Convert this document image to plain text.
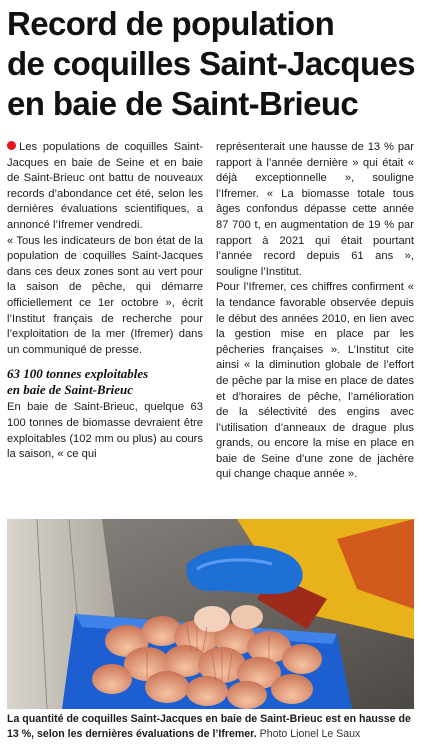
Record de population
de coquilles Saint-Jacques
en baie de Saint-Brieuc

Les populations de coquilles Saint-Jacques en baie de Seine et en baie de Saint-Brieuc ont battu de nouveaux records d’abondance cet été, selon les dernières évaluations scientifiques, a annoncé l’Ifremer vendredi.

« Tous les indicateurs de bon état de la population de coquilles Saint-Jacques dans ces deux zones sont au vert pour la saison de pêche, qui démarre officiellement ce 1er octobre », écrit l’Institut français de recherche pour l’exploitation de la mer (Ifremer) dans un communiqué de presse.

63 100 tonnes exploitables
en baie de Saint-Brieuc

En baie de Saint-Brieuc, quelque 63 100 tonnes de biomasse devraient être exploitables (102 mm ou plus) au cours la saison, « ce qui

représenterait une hausse de 13 % par rapport à l’année dernière » qui était « déjà exceptionnelle », souligne l’Ifremer. « La biomasse totale tous âges confondus dépasse cette année 87 700 t, en augmentation de 19 % par rapport à 2021 qui était pourtant l’année record depuis 61 ans », souligne l’Institut.

Pour l’Ifremer, ces chiffres confirment « la tendance favorable observée depuis le début des années 2010, en lien avec la gestion mise en place par les pêcheries françaises ». L’Institut cite ainsi « la diminution globale de l’effort de pêche par la mise en place de dates et d’horaires de pêche, l’amélioration de la sélectivité des engins avec l’utilisation d’anneaux de drague plus grands, ou encore la mise en place en baie de Seine d’une zone de jachère qui change chaque année ».

La quantité de coquilles Saint-Jacques en baie de Saint-Brieuc est en hausse de 13 %, selon les dernières évaluations de l’Ifremer. Photo Lionel Le Saux
